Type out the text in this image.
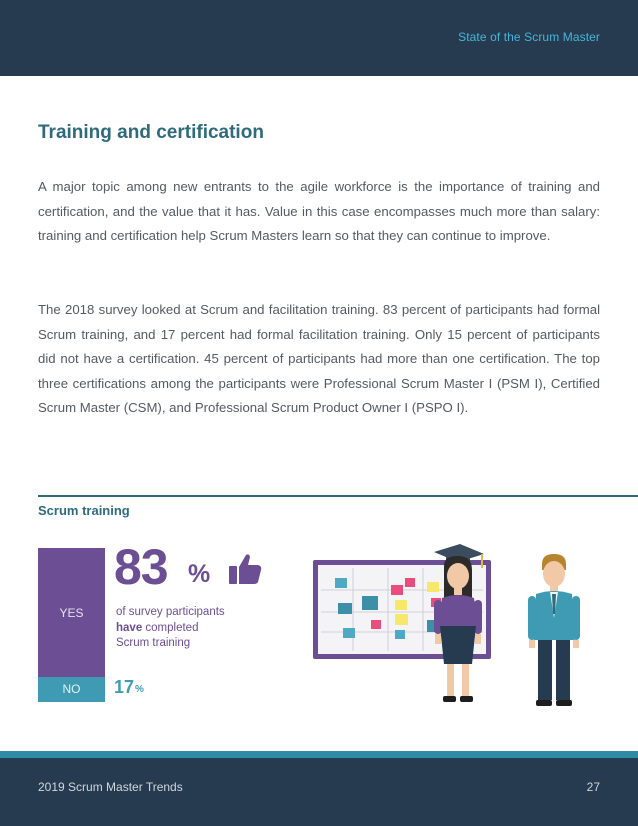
State of the Scrum Master
Training and certification

A major topic among new entrants to the agile workforce is the importance of training and certification, and the value that it has. Value in this case encompasses much more than salary: training and certification help Scrum Masters learn so that they can continue to improve.

The 2018 survey looked at Scrum and facilitation training. 83 percent of participants had formal Scrum training, and 17 percent had formal facilitation training. Only 15 percent of participants did not have a certification. 45 percent of participants had more than one certification. The top three certifications among the participants were Professional Scrum Master I (PSM I), Certified Scrum Master (CSM), and Professional Scrum Product Owner I (PSPO I).

Scrum training
YES
NO
83 %
of survey participants
have completed
Scrum training
17 %
2019 Scrum Master Trends	27
